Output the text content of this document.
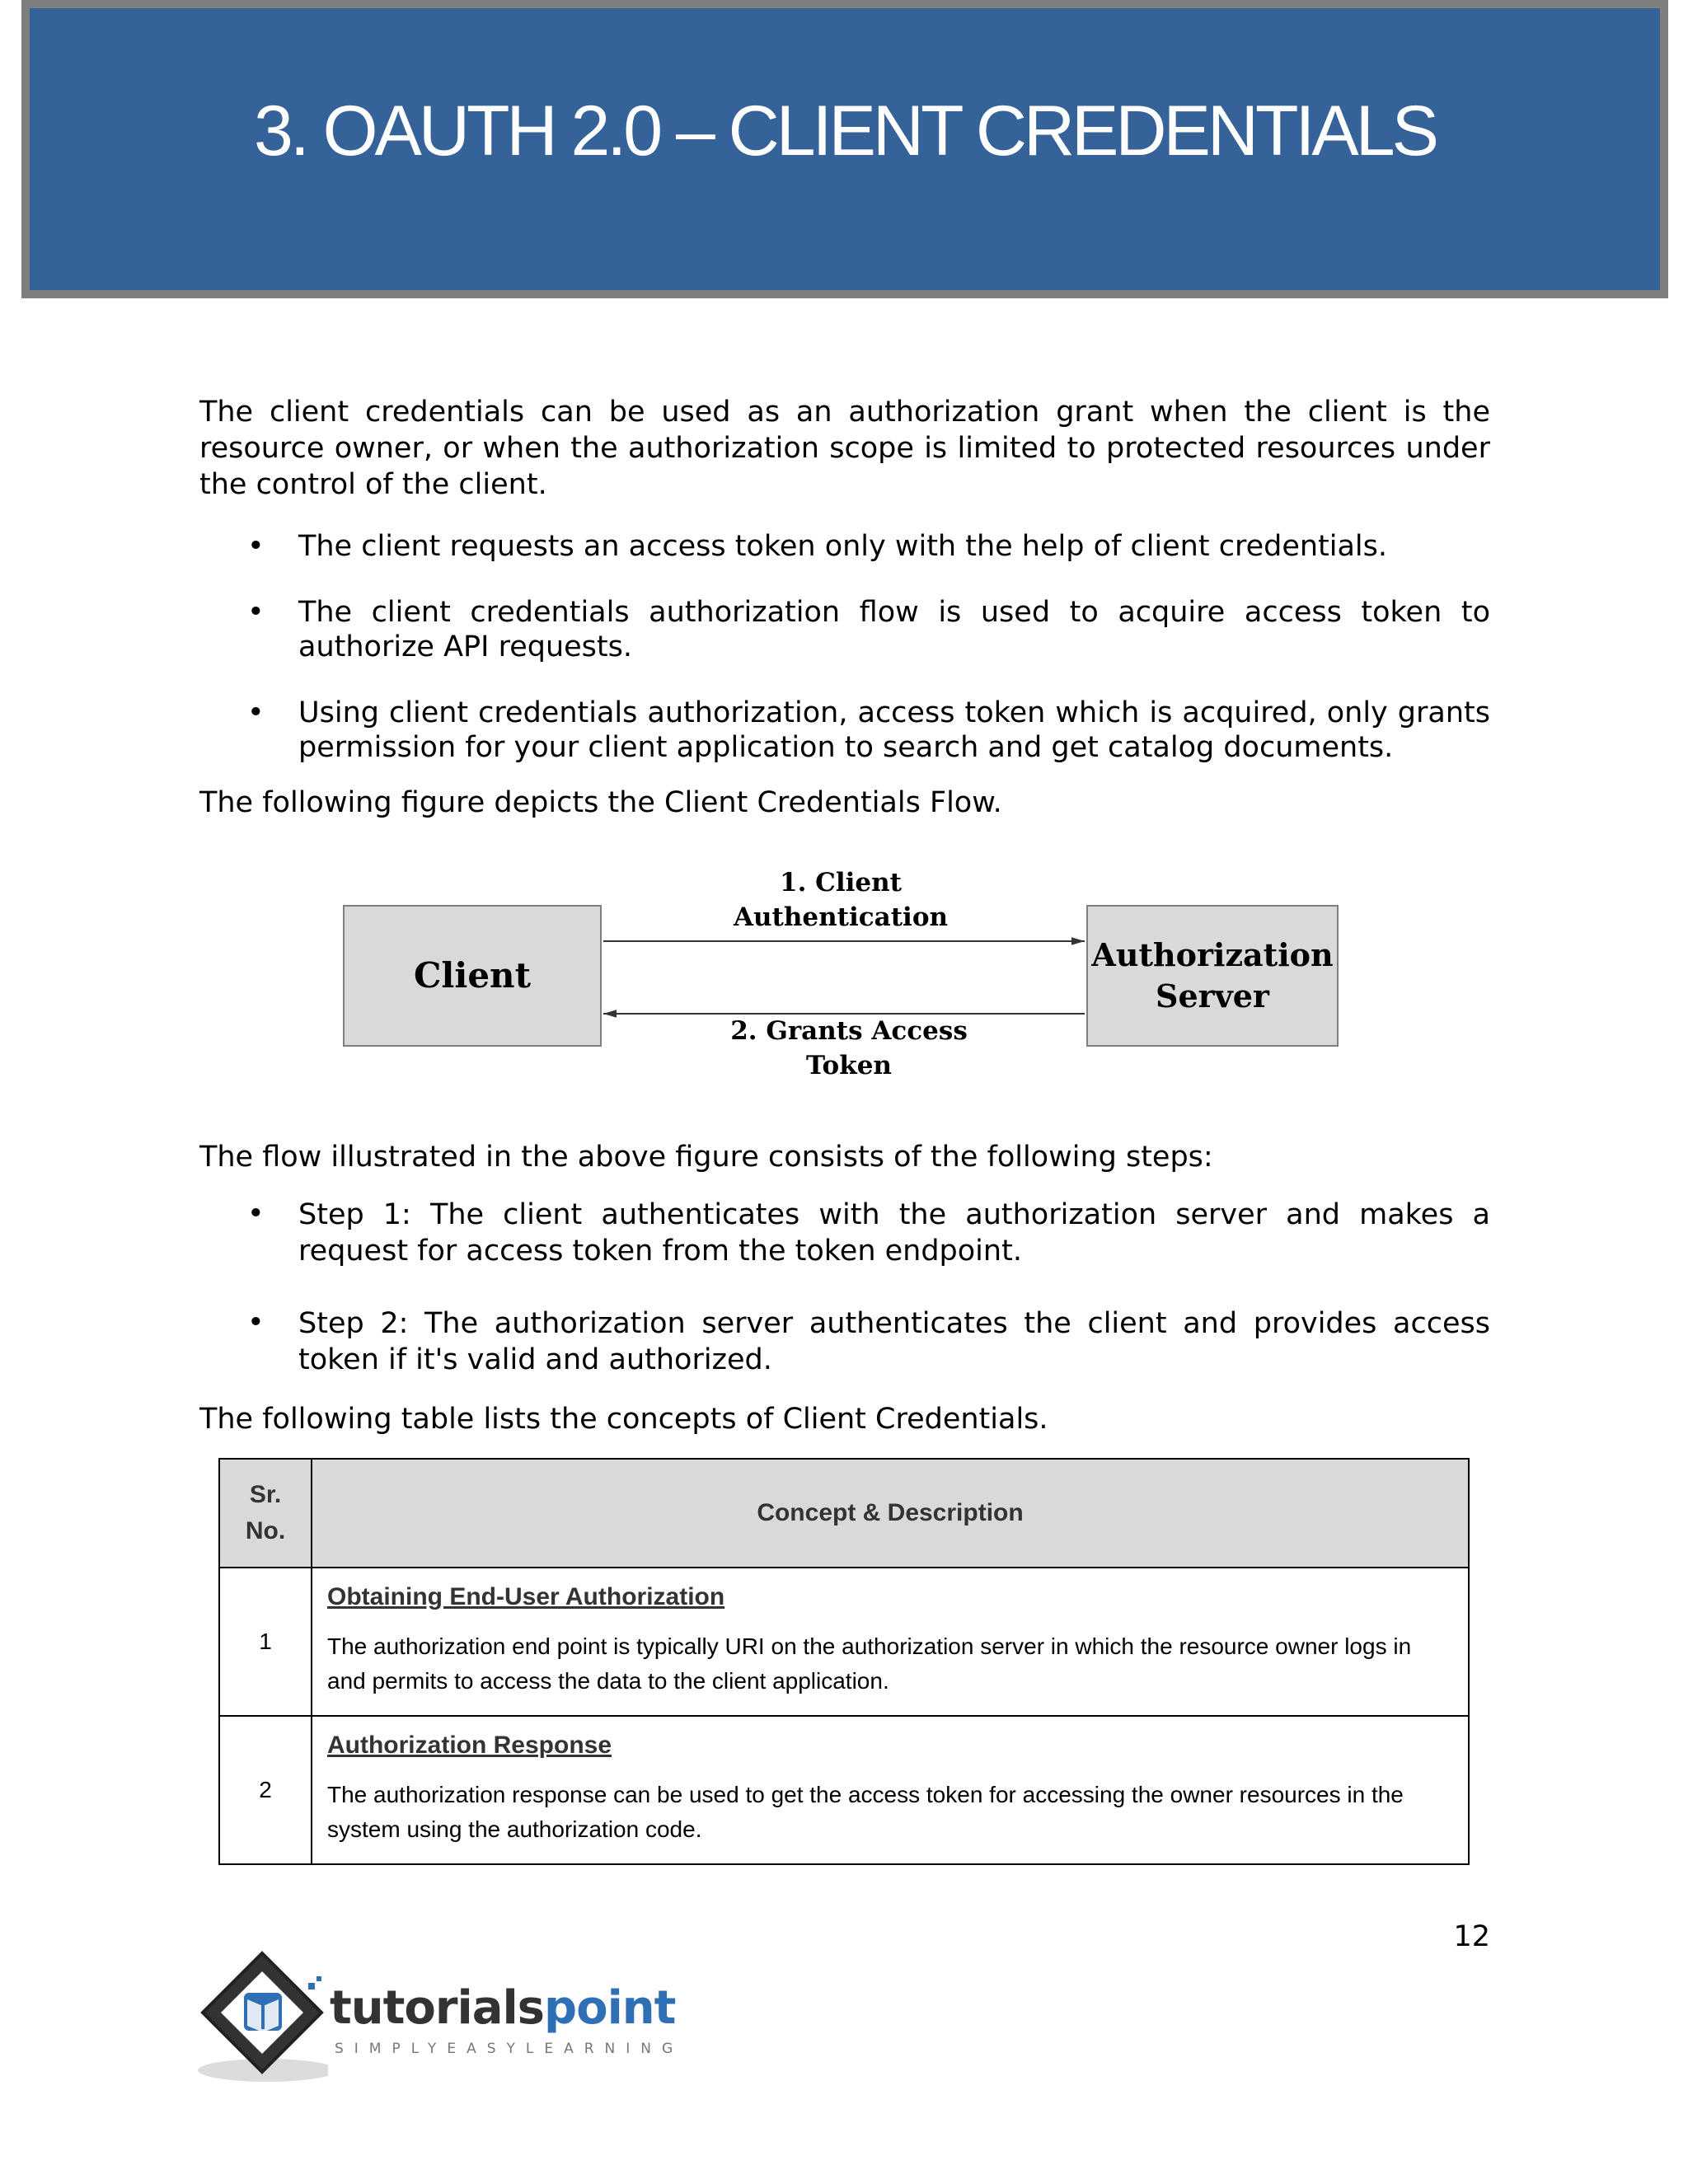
3. OAUTH 2.0 – CLIENT CREDENTIALS

The client credentials can be used as an authorization grant when the client is the resource owner, or when the authorization scope is limited to protected resources under the control of the client.

• The client requests an access token only with the help of client credentials.
• The client credentials authorization flow is used to acquire access token to authorize API requests.
• Using client credentials authorization, access token which is acquired, only grants permission for your client application to search and get catalog documents.

The following figure depicts the Client Credentials Flow.

Client
Authorization
Server
1. Client
Authentication
2. Grants Access
Token

The flow illustrated in the above figure consists of the following steps:

• Step 1: The client authenticates with the authorization server and makes a request for access token from the token endpoint.
• Step 2: The authorization server authenticates the client and provides access token if it's valid and authorized.

The following table lists the concepts of Client Credentials.

Sr.
No.	Concept & Description
1	Obtaining End-User Authorization
The authorization end point is typically URI on the authorization server in which the resource owner logs in and permits to access the data to the client application.

2	Authorization Response
The authorization response can be used to get the access token for accessing the owner resources in the system using the authorization code.
12
tutorialspoint
SIMPLYEASYLEARNING
